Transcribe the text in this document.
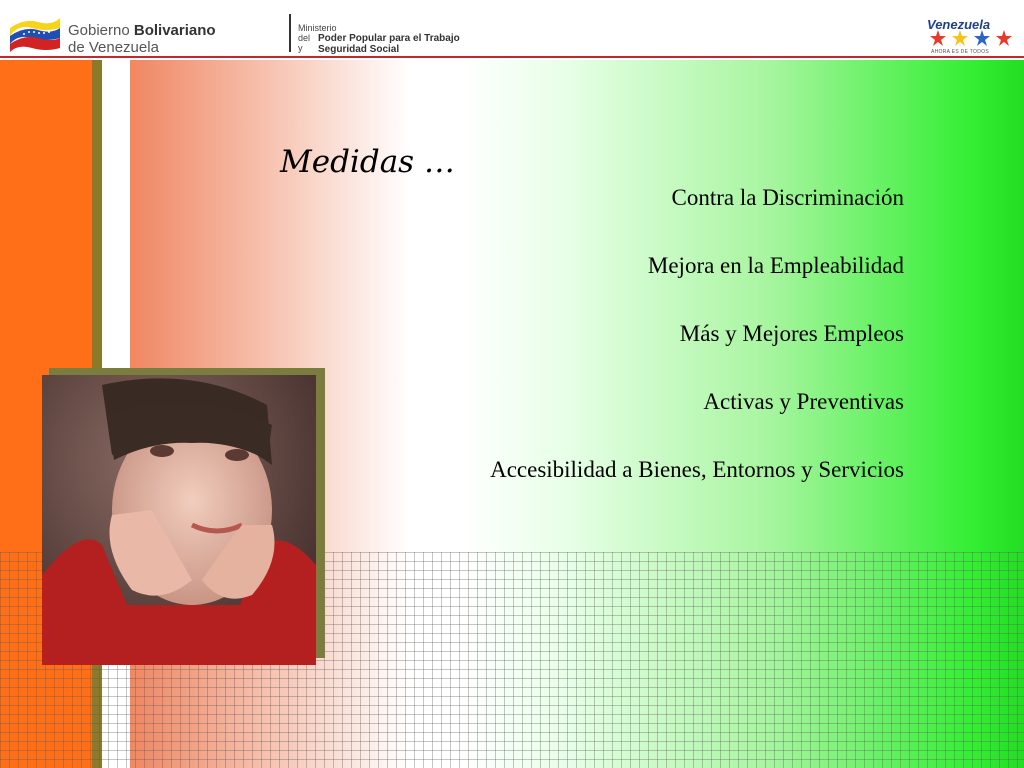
Gobierno Bolivariano
de Venezuela
Ministerio
del
y
Poder Popular para el Trabajo
Seguridad Social
Venezuela
AHORA ES DE TODOS
Medidas …
Contra la Discriminación
Mejora en la Empleabilidad
Más y Mejores Empleos
Activas y Preventivas
Accesibilidad a Bienes, Entornos y Servicios
